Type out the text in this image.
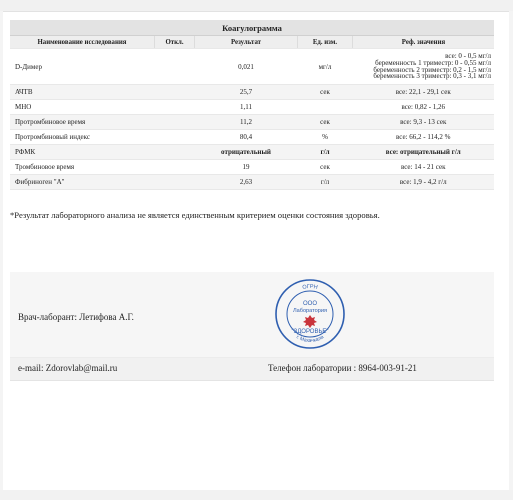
Коагулограмма				
Наименование исследования	Откл.	Результат	Ед. изм.	Реф. значения
D-Димер		0,021	мг/л	все: 0 - 0,5 мг/л
беременность 1 триместр: 0 - 0,55 мг/л
беременность 2 триместр: 0,2 - 1,5 мг/л
беременность 3 триместр: 0,3 - 3,1 мг/л

АЧТВ		25,7	сек	все: 22,1 - 29,1 сек
МНО		1,11		все: 0,82 - 1,26
Протромбиновое время		11,2	сек	все: 9,3 - 13 сек
Протромбиновый индекс		80,4	%	все: 66,2 - 114,2 %
РФМК		отрицательный	г/л	все: отрицательный г/л
Тромбиновое время		19	сек	все: 14 - 21 сек
Фибриноген "А"		2,63	г/л	все: 1,9 - 4,2 г/л
*Результат лабораторного анализа не является единственным критерием оценки состояния здоровья.
Врач-лаборант: Летифова А.Г.
ОГРН
г. Махачкала
ООО
Лаборатория
"ЗДОРОВЬЕ"
e-mail: Zdorovlab@mail.ru	Телефон лаборатории : 8964-003-91-21
